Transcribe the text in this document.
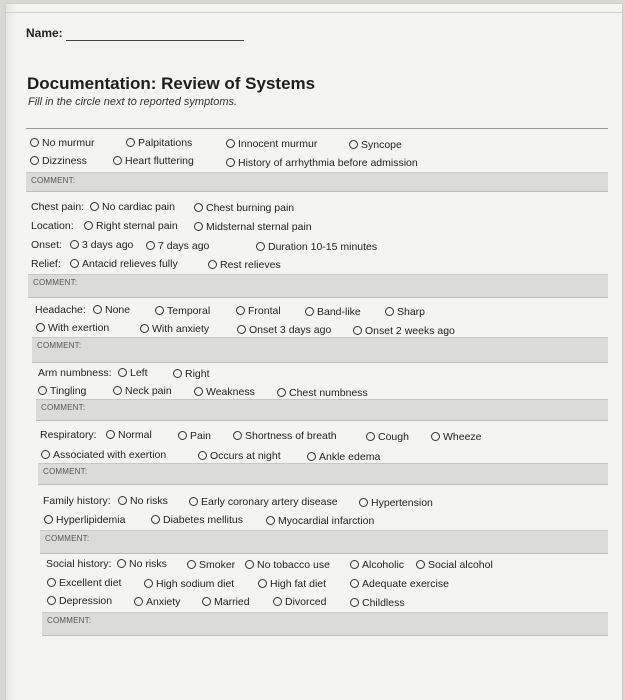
Name:
Documentation: Review of Systems
Fill in the circle next to reported symptoms.
No murmur	Palpitations	Innocent murmur	Syncope
Dizziness	Heart fluttering	History of arrhythmia before admission
COMMENT:
Chest pain:	No cardiac pain	Chest burning pain
Location:	Right sternal pain	Midsternal sternal pain
Onset:	3 days ago	7 days ago	Duration 10-15 minutes
Relief:	Antacid relieves fully	Rest relieves
COMMENT:
Headache:	None	Temporal	Frontal	Band-like	Sharp
With exertion	With anxiety	Onset 3 days ago	Onset 2 weeks ago
COMMENT:
Arm numbness:	Left	Right
Tingling	Neck pain	Weakness	Chest numbness
COMMENT:
Respiratory:	Normal	Pain	Shortness of breath	Cough	Wheeze
Associated with exertion	Occurs at night	Ankle edema
COMMENT:
Family history:	No risks	Early coronary artery disease	Hypertension
Hyperlipidemia	Diabetes mellitus	Myocardial infarction
COMMENT:
Social history:	No risks	Smoker	No tobacco use	Alcoholic	Social alcohol
Excellent diet	High sodium diet	High fat diet	Adequate exercise
Depression	Anxiety	Married	Divorced	Childless
COMMENT:
